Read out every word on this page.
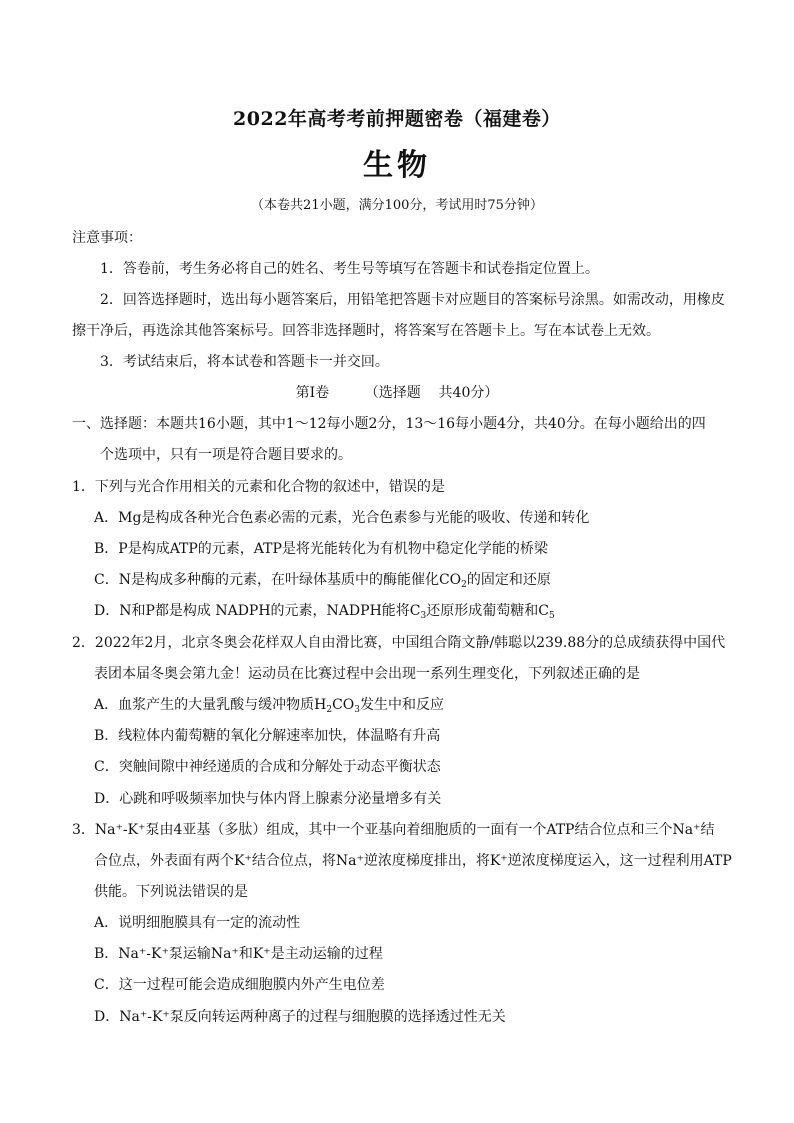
2022年高考考前押题密卷（福建卷）
生物
（本卷共21小题，满分100分，考试用时75分钟）
注意事项：
1．答卷前，考生务必将自己的姓名、考生号等填写在答题卡和试卷指定位置上。
2．回答选择题时，选出每小题答案后，用铅笔把答题卡对应题目的答案标号涂黑。如需改动，用橡皮
擦干净后，再选涂其他答案标号。回答非选择题时，将答案写在答题卡上。写在本试卷上无效。
3．考试结束后，将本试卷和答题卡一并交回。
第Ⅰ卷        （选择题    共40分）
一、选择题：本题共16小题，其中1～12每小题2分，13～16每小题4分，共40分。在每小题给出的四
个选项中，只有一项是符合题目要求的。
1．下列与光合作用相关的元素和化合物的叙述中，错误的是
A．Mg是构成各种光合色素必需的元素，光合色素参与光能的吸收、传递和转化
B．P是构成ATP的元素，ATP是将光能转化为有机物中稳定化学能的桥梁
C．N是构成多种酶的元素，在叶绿体基质中的酶能催化$CO_2$的固定和还原
D．N和P都是构成 NADPH的元素，NADPH能将$C_3$还原形成葡萄糖和$C_5$
2．2022年2月，北京冬奥会花样双人自由滑比赛，中国组合隋文静/韩聪以239.88分的总成绩获得中国代
表团本届冬奥会第九金！运动员在比赛过程中会出现一系列生理变化，下列叙述正确的是
A．血浆产生的大量乳酸与缓冲物质$H_2CO_3$发生中和反应
B．线粒体内葡萄糖的氧化分解速率加快，体温略有升高
C．突触间隙中神经递质的合成和分解处于动态平衡状态
D．心跳和呼吸频率加快与体内肾上腺素分泌量增多有关
3．Na⁺-K⁺泵由4亚基（多肽）组成，其中一个亚基向着细胞质的一面有一个ATP结合位点和三个Na⁺结
合位点，外表面有两个K⁺结合位点，将Na⁺逆浓度梯度排出，将K⁺逆浓度梯度运入，这一过程利用ATP
供能。下列说法错误的是
A．说明细胞膜具有一定的流动性
B．Na⁺-K⁺泵运输Na⁺和K⁺是主动运输的过程
C．这一过程可能会造成细胞膜内外产生电位差
D．Na⁺-K⁺泵反向转运两种离子的过程与细胞膜的选择透过性无关
